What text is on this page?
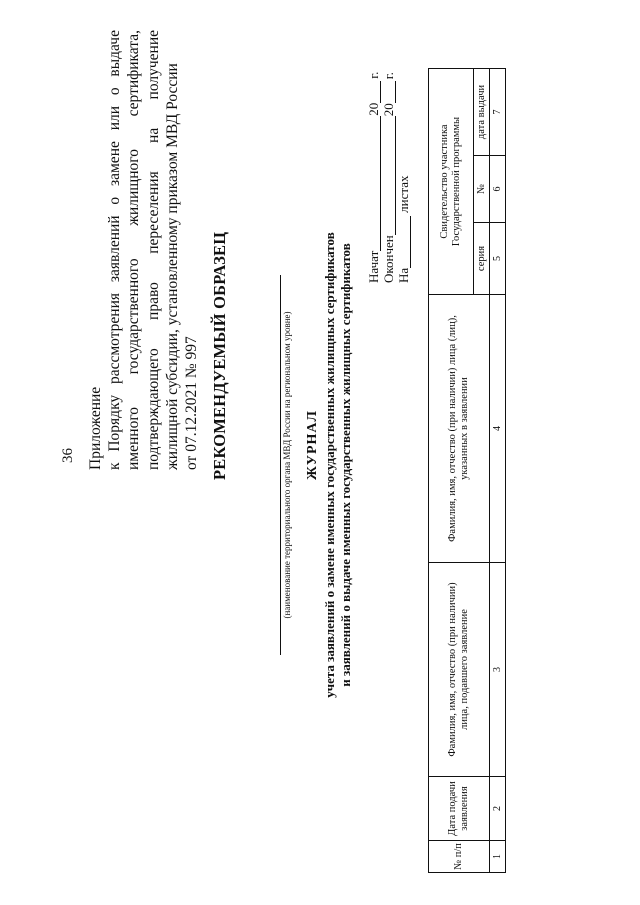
36 Приложение к Порядку рассмотрения заявлений о замене или о выдаче именного государственного жилищного сертификата, подтверждающего право переселения на получение жилищной субсидии, установленному приказом МВД России от 07.12.2021 № 997 РЕКОМЕНДУЕМЫЙ ОБРАЗЕЦ	(наименование территориального органа МВД России на региональном уровне) ЖУРНАЛ учета заявлений о замене именных государственных жилищных сертификатов и заявлений о выдаче именных государственных жилищных сертификатов Начат
20
г.
Окончен
20
г.
На
листах
№ п/п
Дата подачи заявления
Фамилия, имя, отчество (при наличии) лица, подавшего заявление
Фамилия, имя, отчество (при наличии) лица (лиц), указанных в заявлении
Свидетельство участника Государственной программы
серия
№
дата выдачи
1
2
3
4
5
6
7
